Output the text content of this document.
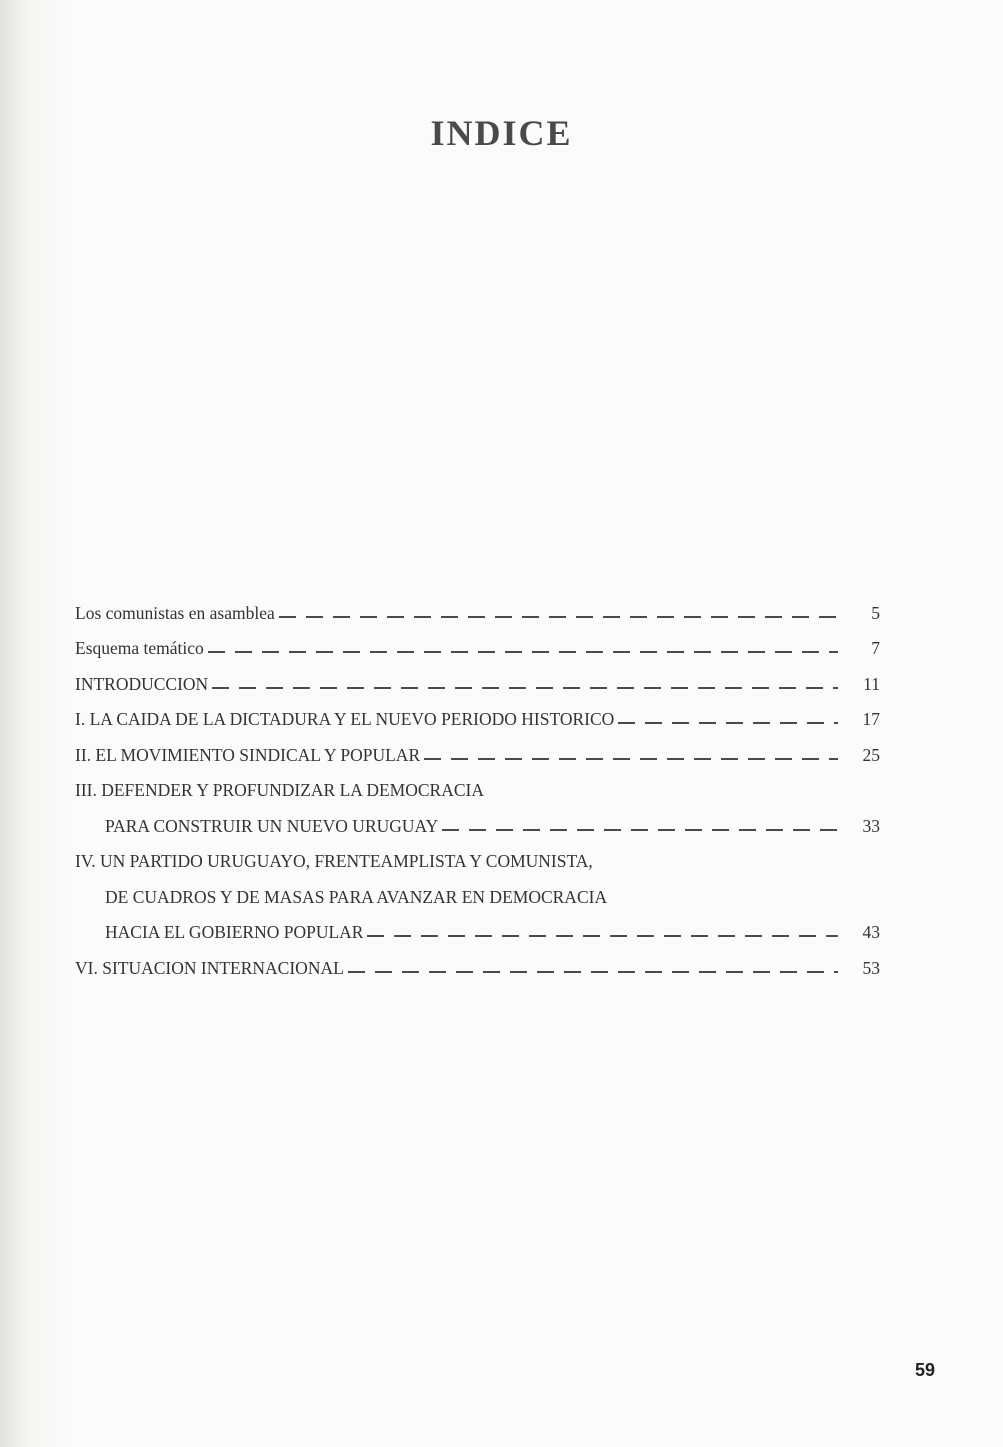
INDICE
Los comunistas en asamblea	5
Esquema temático	7
INTRODUCCION	11
I. LA CAIDA DE LA DICTADURA Y EL NUEVO PERIODO HISTORICO	17
II. EL MOVIMIENTO SINDICAL Y POPULAR	25
III. DEFENDER Y PROFUNDIZAR LA DEMOCRACIA
PARA CONSTRUIR UN NUEVO URUGUAY	33
IV. UN PARTIDO URUGUAYO, FRENTEAMPLISTA Y COMUNISTA,
DE CUADROS Y DE MASAS PARA AVANZAR EN DEMOCRACIA
HACIA EL GOBIERNO POPULAR	43
VI. SITUACION INTERNACIONAL	53
59
